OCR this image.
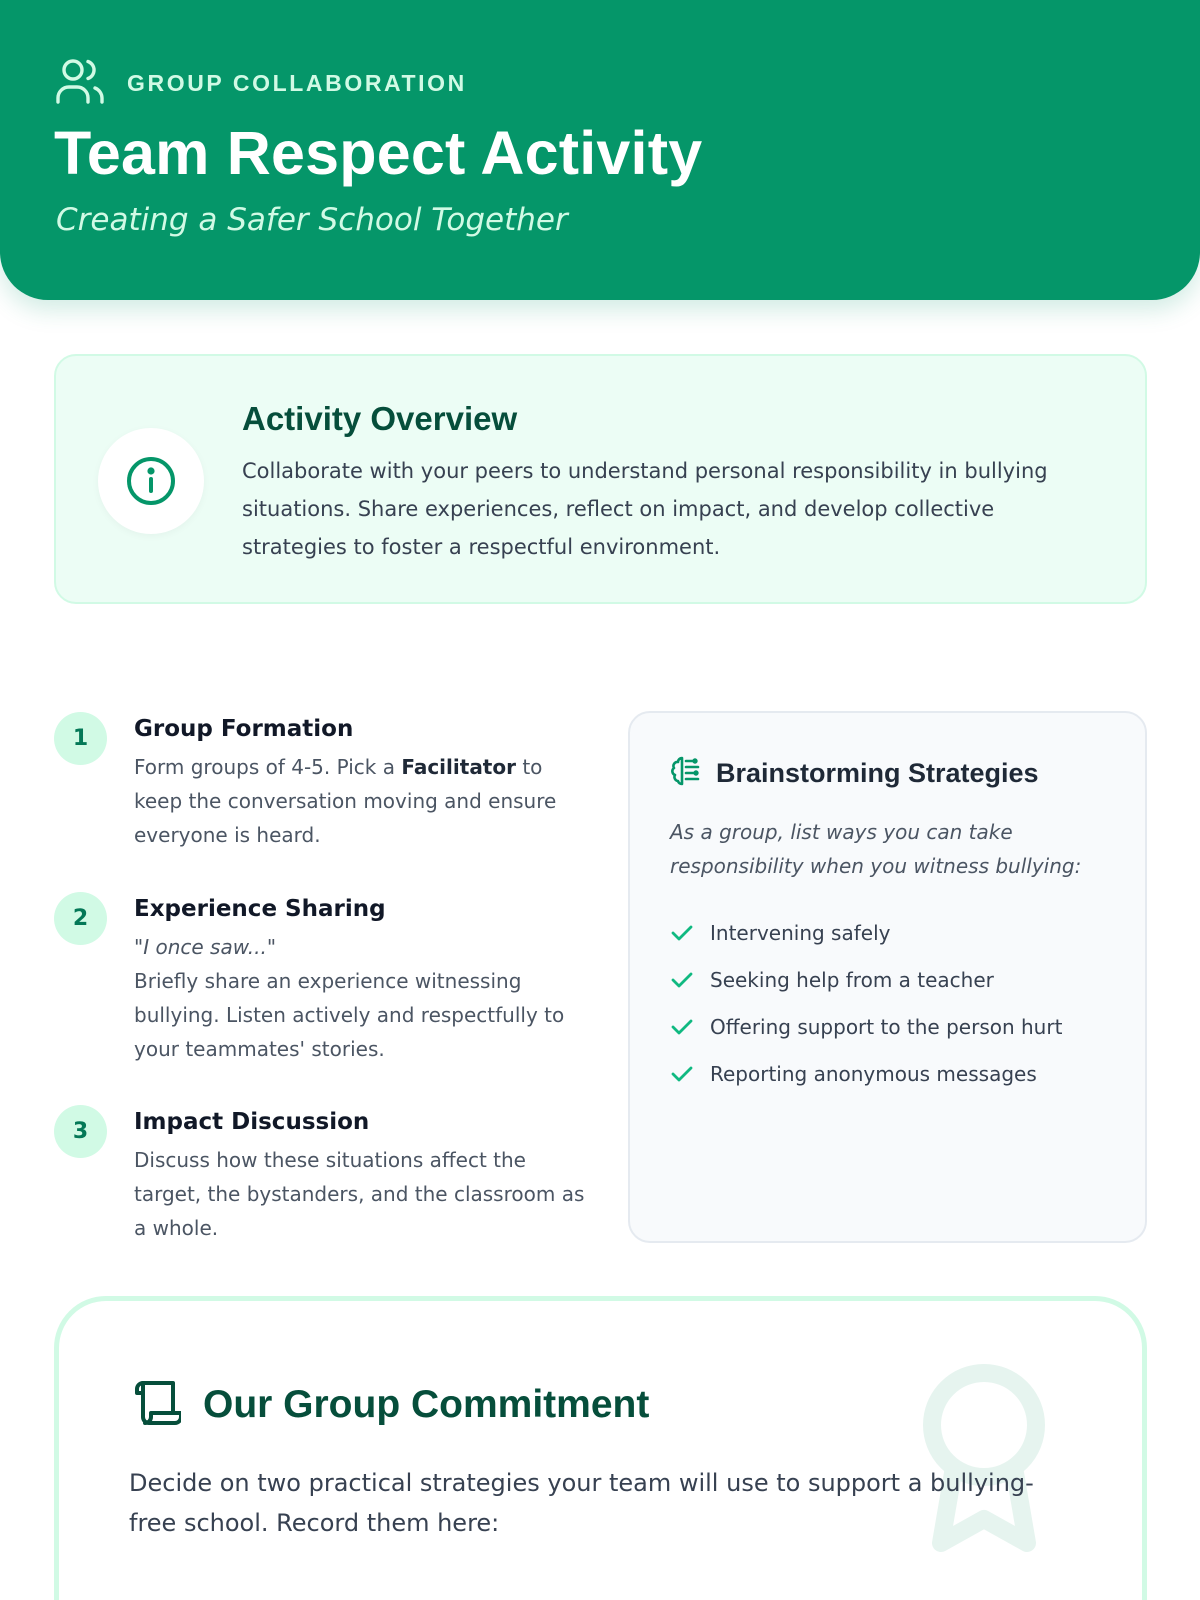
GROUP COLLABORATION
Team Respect Activity
Creating a Safer School Together
Activity Overview
Collaborate with your peers to understand personal responsibility in bullying situations. Share experiences, reflect on impact, and develop collective strategies to foster a respectful environment.
1	Group Formation
Form groups of 4-5. Pick a Facilitator to keep the conversation moving and ensure everyone is heard.
2	Experience Sharing
"I once saw..."
Briefly share an experience witnessing bullying. Listen actively and respectfully to your teammates' stories.
3	Impact Discussion
Discuss how these situations affect the target, the bystanders, and the classroom as a whole.
Brainstorming Strategies
As a group, list ways you can take responsibility when you witness bullying:
Intervening safely
Seeking help from a teacher
Offering support to the person hurt
Reporting anonymous messages
Our Group Commitment
Decide on two practical strategies your team will use to support a bullying-free school. Record them here:
